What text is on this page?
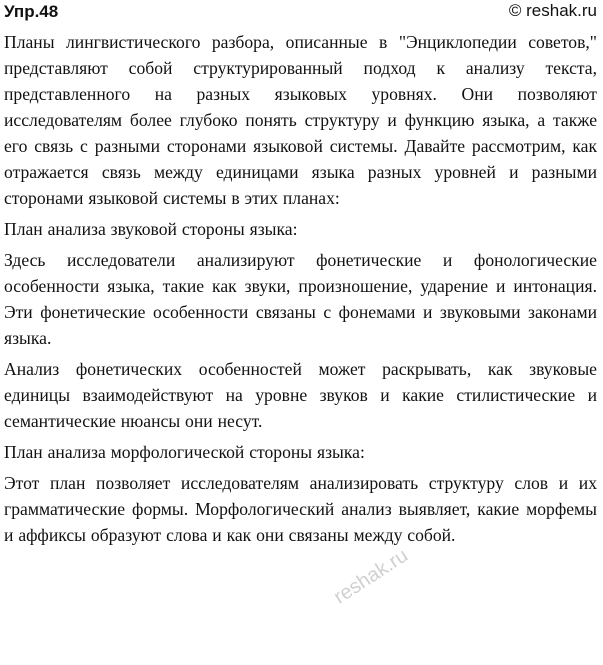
Упр.48	© reshak.ru

Планы лингвистического разбора, описанные в "Энциклопедии советов," представляют собой структурированный подход к анализу текста, представленного на разных языковых уровнях. Они позволяют исследователям более глубоко понять структуру и функцию языка, а также его связь с разными сторонами языковой системы. Давайте рассмотрим, как отражается связь между единицами языка разных уровней и разными сторонами языковой системы в этих планах:

План анализа звуковой стороны языка:

Здесь исследователи анализируют фонетические и фонологические особенности языка, такие как звуки, произношение, ударение и интонация. Эти фонетические особенности связаны с фонемами и звуковыми законами языка.

Анализ фонетических особенностей может раскрывать, как звуковые единицы взаимодействуют на уровне звуков и какие стилистические и семантические нюансы они несут.

План анализа морфологической стороны языка:

Этот план позволяет исследователям анализировать структуру слов и их грамматические формы. Морфологический анализ выявляет, какие морфемы и аффиксы образуют слова и как они связаны между собой.

reshak.ru
